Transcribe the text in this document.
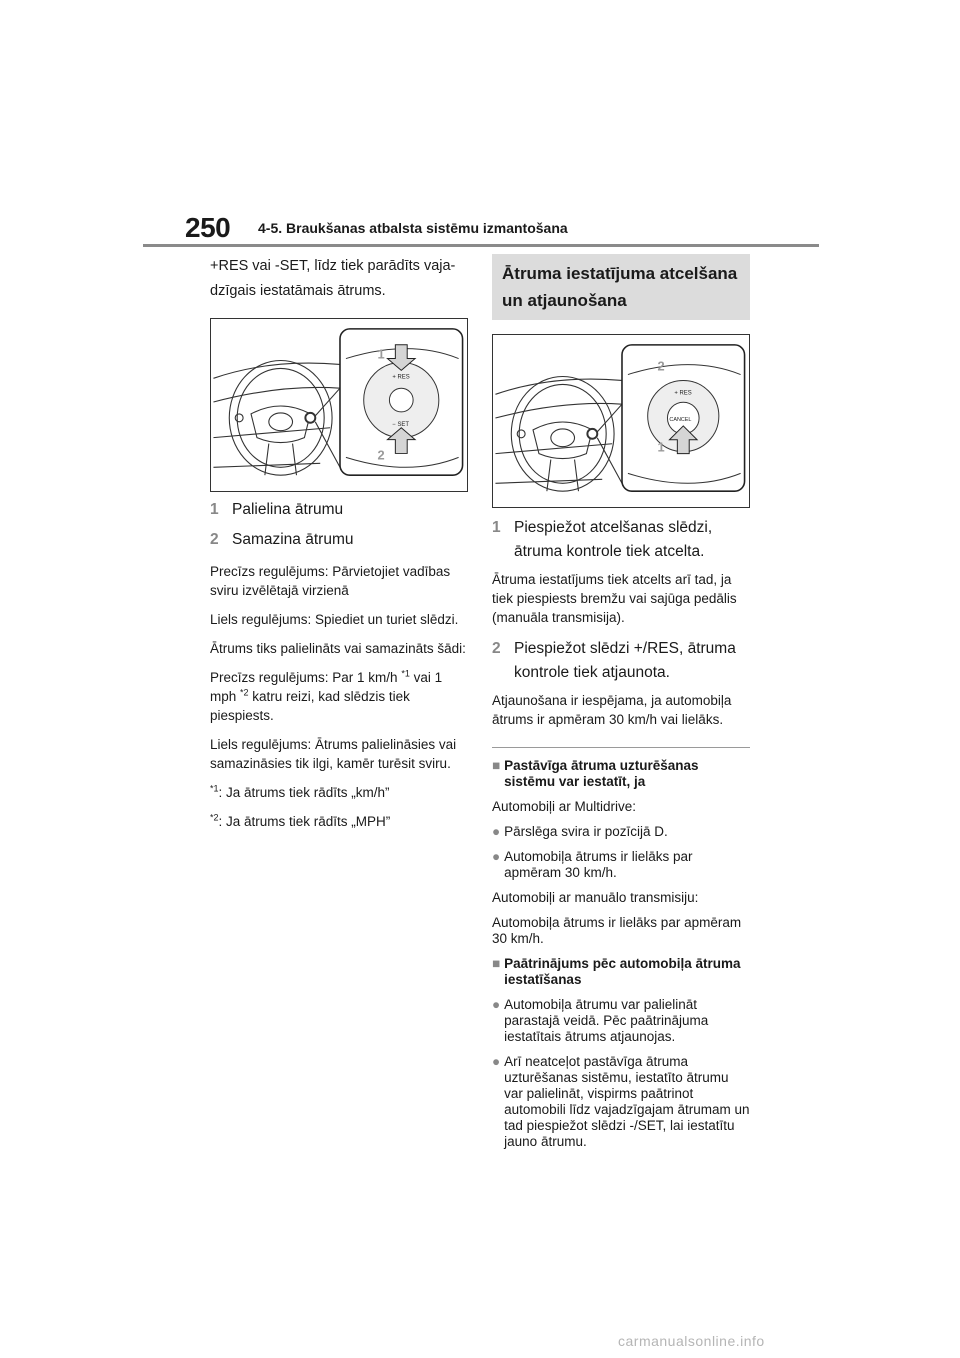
250 4-5. Braukšanas atbalsta sistēmu izmantošana

+RES vai -SET, līdz tiek parādīts vaja-dzīgais iestatāmais ātrums.

+ RES
− SET
1
2
1 Palielina ātrumu
2 Samazina ātrumu

Precīzs regulējums: Pārvietojiet vadības sviru izvēlētajā virzienā

Liels regulējums: Spiediet un turiet slēdzi.

Ātrums tiks palielināts vai samazināts šādi:

Precīzs regulējums: Par 1 km/h $^{*1}$ vai 1 mph $^{*2}$ katru reizi, kad slēdzis tiek piespiests.

Liels regulējums: Ātrums palielināsies vai samazināsies tik ilgi, kamēr turēsit sviru.

$^{*1}$: Ja ātrums tiek rādīts „km/h”

$^{*2}$: Ja ātrums tiek rādīts „MPH”

Ātruma iestatījuma atcelšana un atjaunošana
+ RES
CANCEL
2
1
1 Piespiežot atcelšanas slēdzi, ātruma kontrole tiek atcelta.

Ātruma iestatījums tiek atcelts arī tad, ja tiek piespiests bremžu vai sajūga pedālis (manuāla transmisija).

2 Piespiežot slēdzi +/RES, ātruma kontrole tiek atjaunota.

Atjaunošana ir iespējama, ja automobiļa ātrums ir apmēram 30 km/h vai lielāks.

■ Pastāvīga ātruma uzturēšanas sistēmu var iestatīt, ja

Automobiļi ar Multidrive:

● Pārslēga svira ir pozīcijā D.
● Automobiļa ātrums ir lielāks par apmēram 30 km/h.

Automobiļi ar manuālo transmisiju:

Automobiļa ātrums ir lielāks par apmēram 30 km/h.

■ Paātrinājums pēc automobiļa ātruma iestatīšanas
● Automobiļa ātrumu var palielināt parastajā veidā. Pēc paātrinājuma iestatītais ātrums atjaunojas.
● Arī neatceļot pastāvīga ātruma uzturēšanas sistēmu, iestatīto ātrumu var palielināt, vispirms paātrinot automobili līdz vajadzīgajam ātrumam un tad piespiežot slēdzi -/SET, lai iestatītu jauno ātrumu.
carmanualsonline.info
